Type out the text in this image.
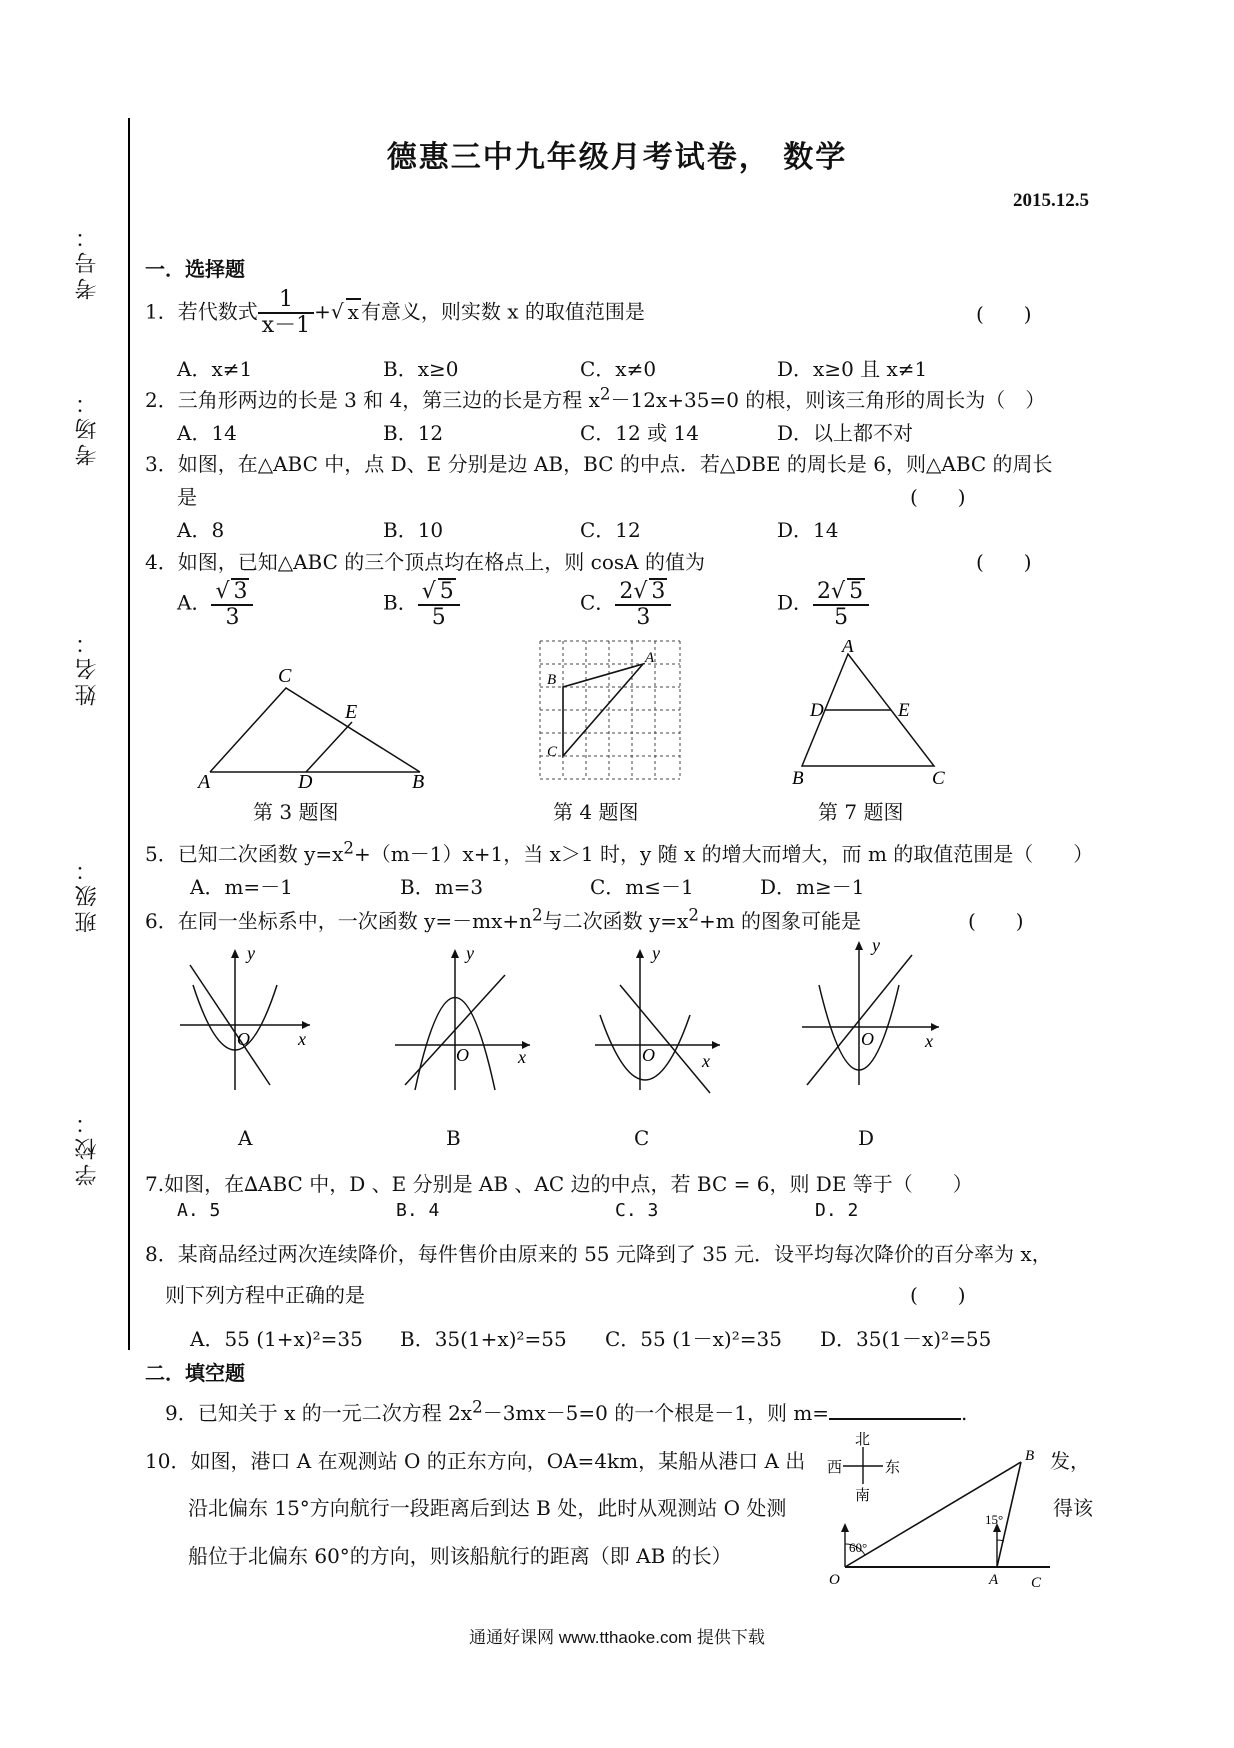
考号：
考场：
姓名：
班级：
学校：
德惠三中九年级月考试卷， 数学
2015.12.5
一．选择题
1．若代数式 $\frac{1}{x-1}$ +√ x 有意义，则实数 x 的取值范围是	(　　)
A．x≠1	B．x≥0	C．x≠0	D．x≥0 且 x≠1
2．三角形两边的长是 3 和 4，第三边的长是方程 $x^2-12x+35=0$ 的根，则该三角形的周长为（　）
A．14	B．12	C．12 或 14	D．以上都不对
3．如图，在△ABC 中，点 D、E 分别是边 AB，BC 的中点．若△DBE 的周长是 6，则△ABC 的周长
是	(　　)
A．8	B．10	C．12	D．14
4．如图，已知△ABC 的三个顶点均在格点上，则 cosA 的值为	(　　)
A． $\frac{√ 3}{3}$	B． $\frac{√ 5}{5}$	C． $\frac{2√ 3}{3}$	D． $\frac{2√ 5}{5}$
C
E
A	D	B
第 3 题图
A
B
C
第 4 题图
A
D	E
B	C
第 7 题图
5．已知二次函数 $y=x^2+(m-1)x+1$，当 x＞1 时，y 随 x 的增大而增大，而 m 的取值范围是（　　）
A．m=－1	B．m=3	C．m≤－1	D．m≥－1
6．在同一坐标系中，一次函数 $y=-mx+n^2$与二次函数 $y=x^2+m$ 的图象可能是	(　　)
y
x
O
A
y
x
O
B
y
x
O
C
y
x
O
D
7.如图，在∆ABC 中，D 、E 分别是 AB 、AC 边的中点，若 BC = 6，则 DE 等于（　　）
A. 5	B. 4	C. 3	D. 2
8．某商品经过两次连续降价，每件售价由原来的 55 元降到了 35 元．设平均每次降价的百分率为 x，
则下列方程中正确的是	(　　)
A．55 (1+x)²=35 B．35(1+x)²=55 C．55 (1－x)²=35 D．35(1－x)²=55
二．填空题
9．已知关于 x 的一元二次方程 $2x^2-3mx-5=0$ 的一个根是－1，则 m=	.
10．如图，港口 A 在观测站 O 的正东方向，OA=4km，某船从港口 A 出	发，
沿北偏东 15°方向航行一段距离后到达 B 处，此时从观测站 O 处测	得该
船位于北偏东 60°的方向，则该船航行的距离（即 AB 的长）
北
南
西	东
60°
15°
O	A C
B
通通好课网 www.tthaoke.com 提供下载
